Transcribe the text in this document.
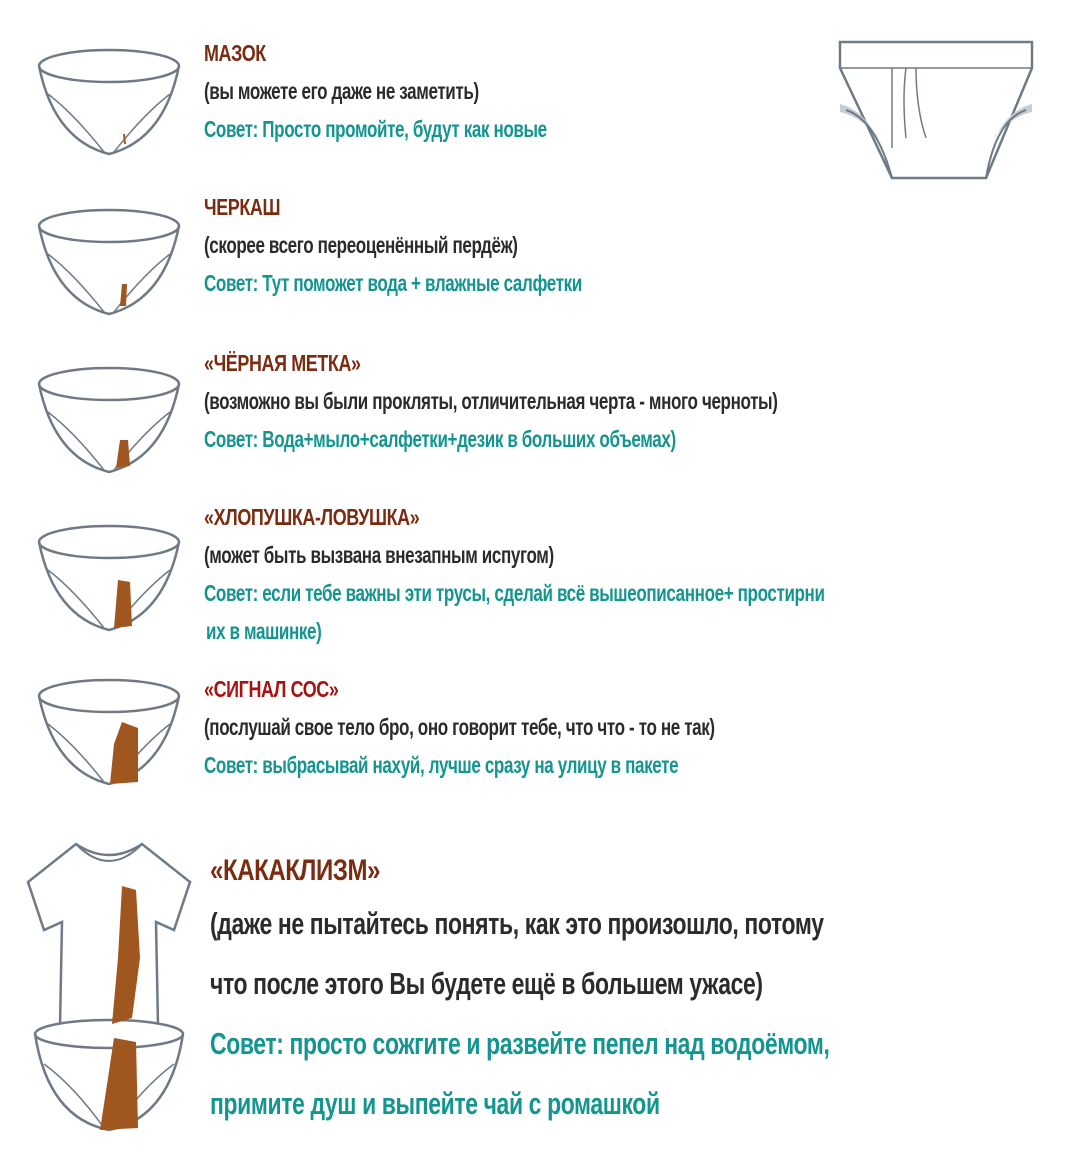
МАЗОК
(вы можете его даже не заметить)
Совет: Просто промойте, будут как новые
ЧЕРКАШ
(скорее всего переоценённый пердёж)
Совет: Тут поможет вода + влажные салфетки
«ЧЁРНАЯ МЕТКА»
(возможно вы были прокляты, отличительная черта - много черноты)
Совет: Вода+мыло+салфетки+дезик в больших объемах)
«ХЛОПУШКА-ЛОВУШКА»
(может быть вызвана внезапным испугом)
Совет: если тебе важны эти трусы, сделай всё вышеописанное+ простирни
их в машинке)
«СИГНАЛ СОС»
(послушай свое тело бро, оно говорит тебе, что что - то не так)
Совет: выбрасывай нахуй, лучше сразу на улицу в пакете
«КАКАКЛИЗМ»
(даже не пытайтесь понять, как это произошло, потому
что после этого Вы будете ещё в большем ужасе)
Совет: просто сожгите и развейте пепел над водоёмом,
примите душ и выпейте чай с ромашкой
